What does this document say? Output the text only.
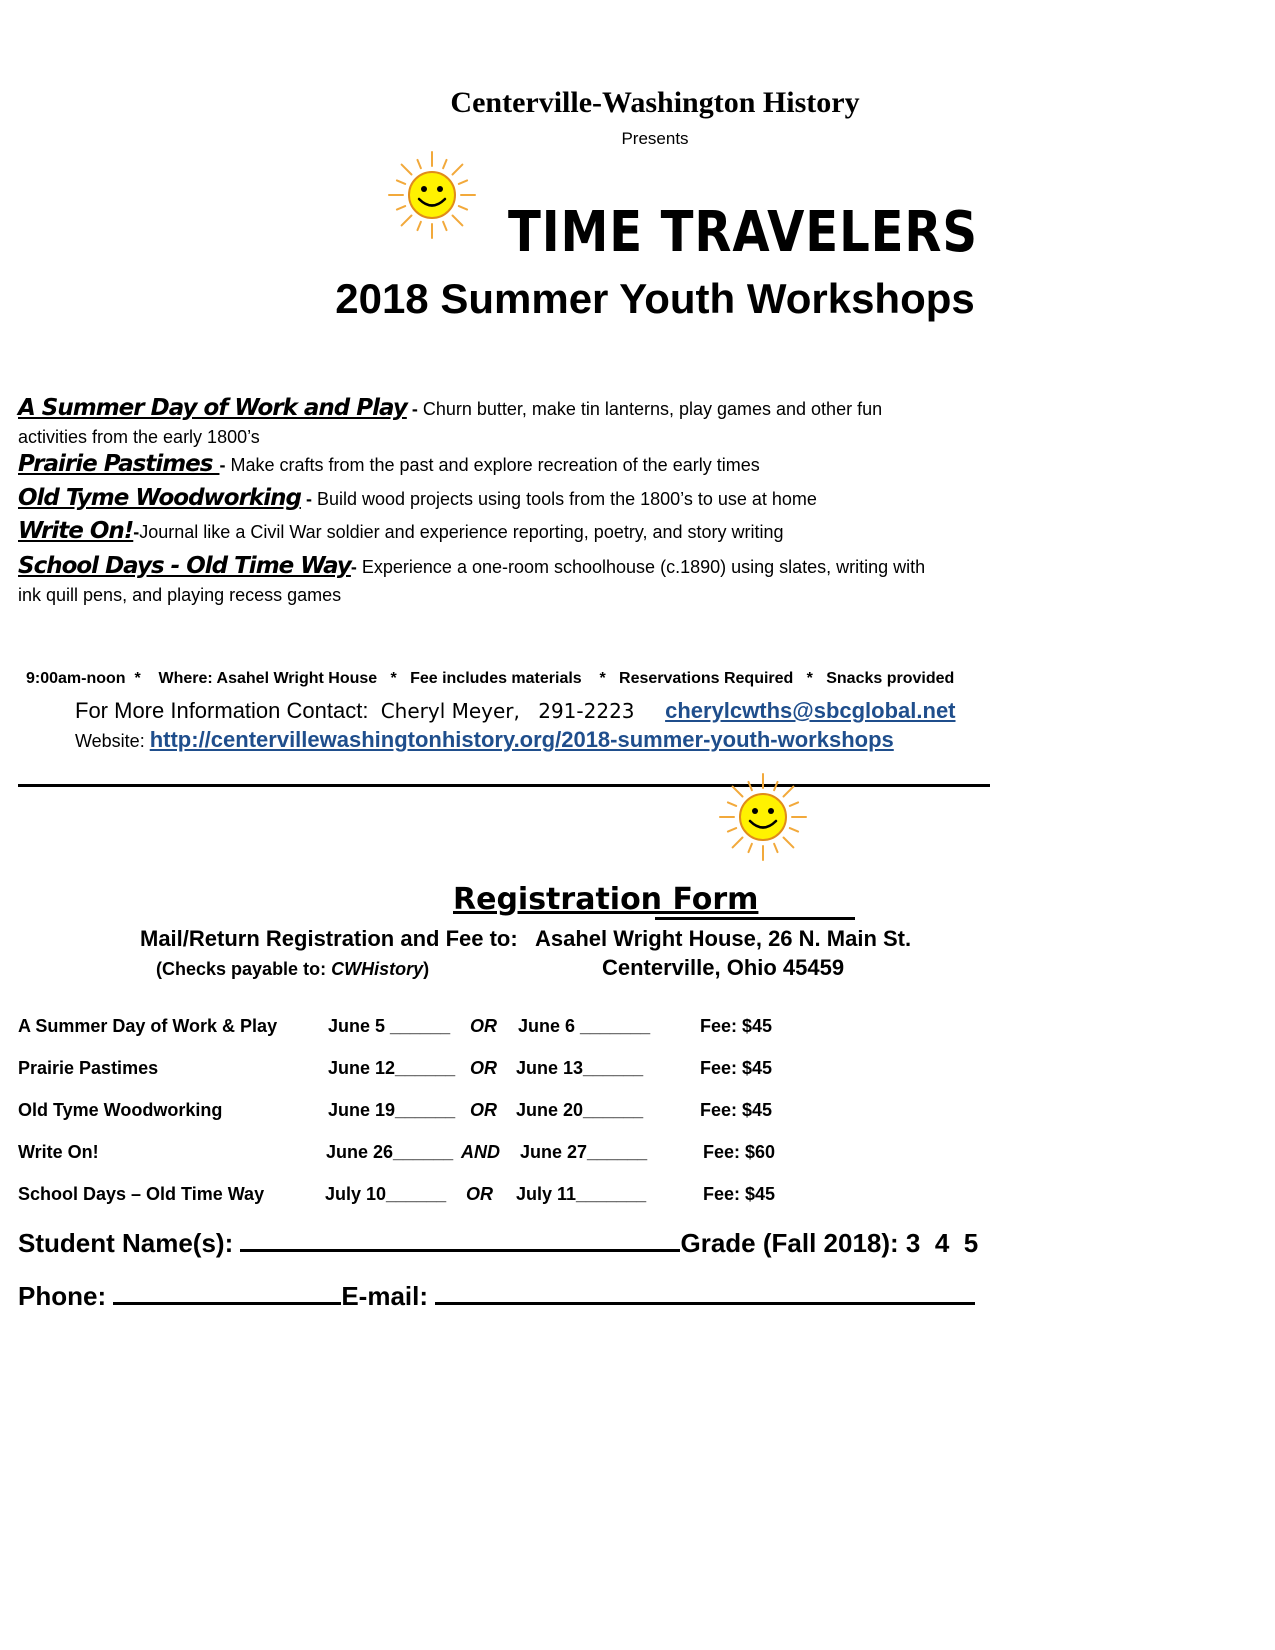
Centerville-Washington History
Presents
TIME TRAVELERS
2018 Summer Youth Workshops
A Summer Day of Work and Play - Churn butter, make tin lanterns, play games and other fun activities from the early 1800’s
Prairie Pastimes - Make crafts from the past and explore recreation of the early times
Old Tyme Woodworking - Build wood projects using tools from the 1800’s to use at home
Write On!-Journal like a Civil War soldier and experience reporting, poetry, and story writing
School Days - Old Time Way- Experience a one-room schoolhouse (c.1890) using slates, writing with ink quill pens, and playing recess games
9:00am-noon  *    Where: Asahel Wright House   *   Fee includes materials    *   Reservations Required   *   Snacks provided
For More Information Contact: Cheryl Meyer, 291-2223 cherylcwths@sbcglobal.net
Website: http://centervillewashingtonhistory.org/2018-summer-youth-workshops
Registration Form
Mail/Return Registration and Fee to: Asahel Wright House, 26 N. Main St.
(Checks payable to: CWHistory)	Centerville, Ohio 45459
A Summer Day of Work & Play	June 5 ______ OR June 6 _______	Fee: $45
Prairie Pastimes	June 12______ OR June 13______	Fee: $45
Old Tyme Woodworking	June 19______ OR June 20______	Fee: $45
Write On!	June 26______ AND June 27______	Fee: $60
School Days – Old Time Way	July 10______ OR July 11_______	Fee: $45
Student Name(s):	Grade (Fall 2018): 3  4  5
Phone:	E-mail:
